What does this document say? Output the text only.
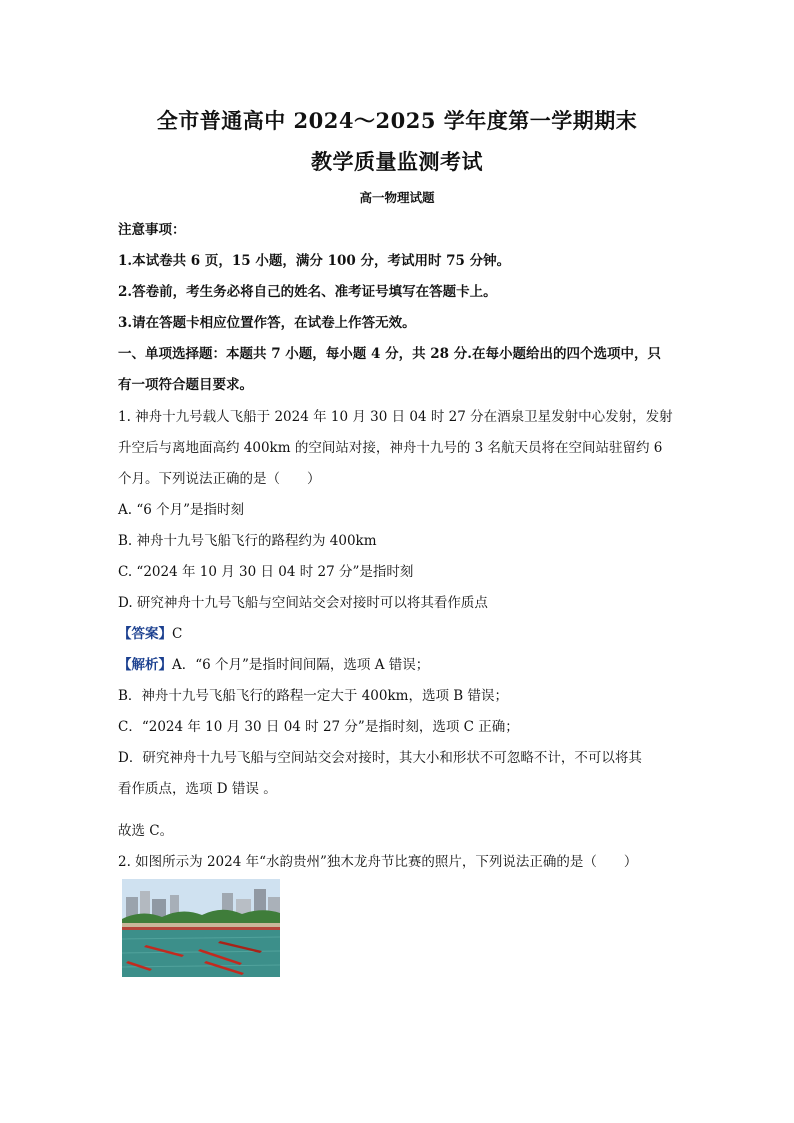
全市普通高中 2024～2025 学年度第一学期期末
教学质量监测考试
高一物理试题
注意事项：
1.本试卷共 6 页，15 小题，满分 100 分，考试用时 75 分钟。
2.答卷前，考生务必将自己的姓名、准考证号填写在答题卡上。
3.请在答题卡相应位置作答，在试卷上作答无效。
一、单项选择题：本题共 7 小题，每小题 4 分，共 28 分.在每小题给出的四个选项中，只
有一项符合题目要求。
1. 神舟十九号载人飞船于 2024 年 10 月 30 日 04 时 27 分在酒泉卫星发射中心发射，发射
升空后与离地面高约 400km 的空间站对接，神舟十九号的 3 名航天员将在空间站驻留约 6
个月。下列说法正确的是（　　）
A. “6 个月”是指时刻
B. 神舟十九号飞船飞行的路程约为 400km
C. “2024 年 10 月 30 日 04 时 27 分”是指时刻
D. 研究神舟十九号飞船与空间站交会对接时可以将其看作质点
【答案】C
【解析】A．“6 个月”是指时间间隔，选项 A 错误；
B．神舟十九号飞船飞行的路程一定大于 400km，选项 B 错误；
C．“2024 年 10 月 30 日 04 时 27 分”是指时刻，选项 C 正确；
D．研究神舟十九号飞船与空间站交会对接时，其大小和形状不可忽略不计，不可以将其
看作质点，选项 D 错误 。
故选 C。
2. 如图所示为 2024 年“水韵贵州”独木龙舟节比赛的照片，下列说法正确的是（　　）
